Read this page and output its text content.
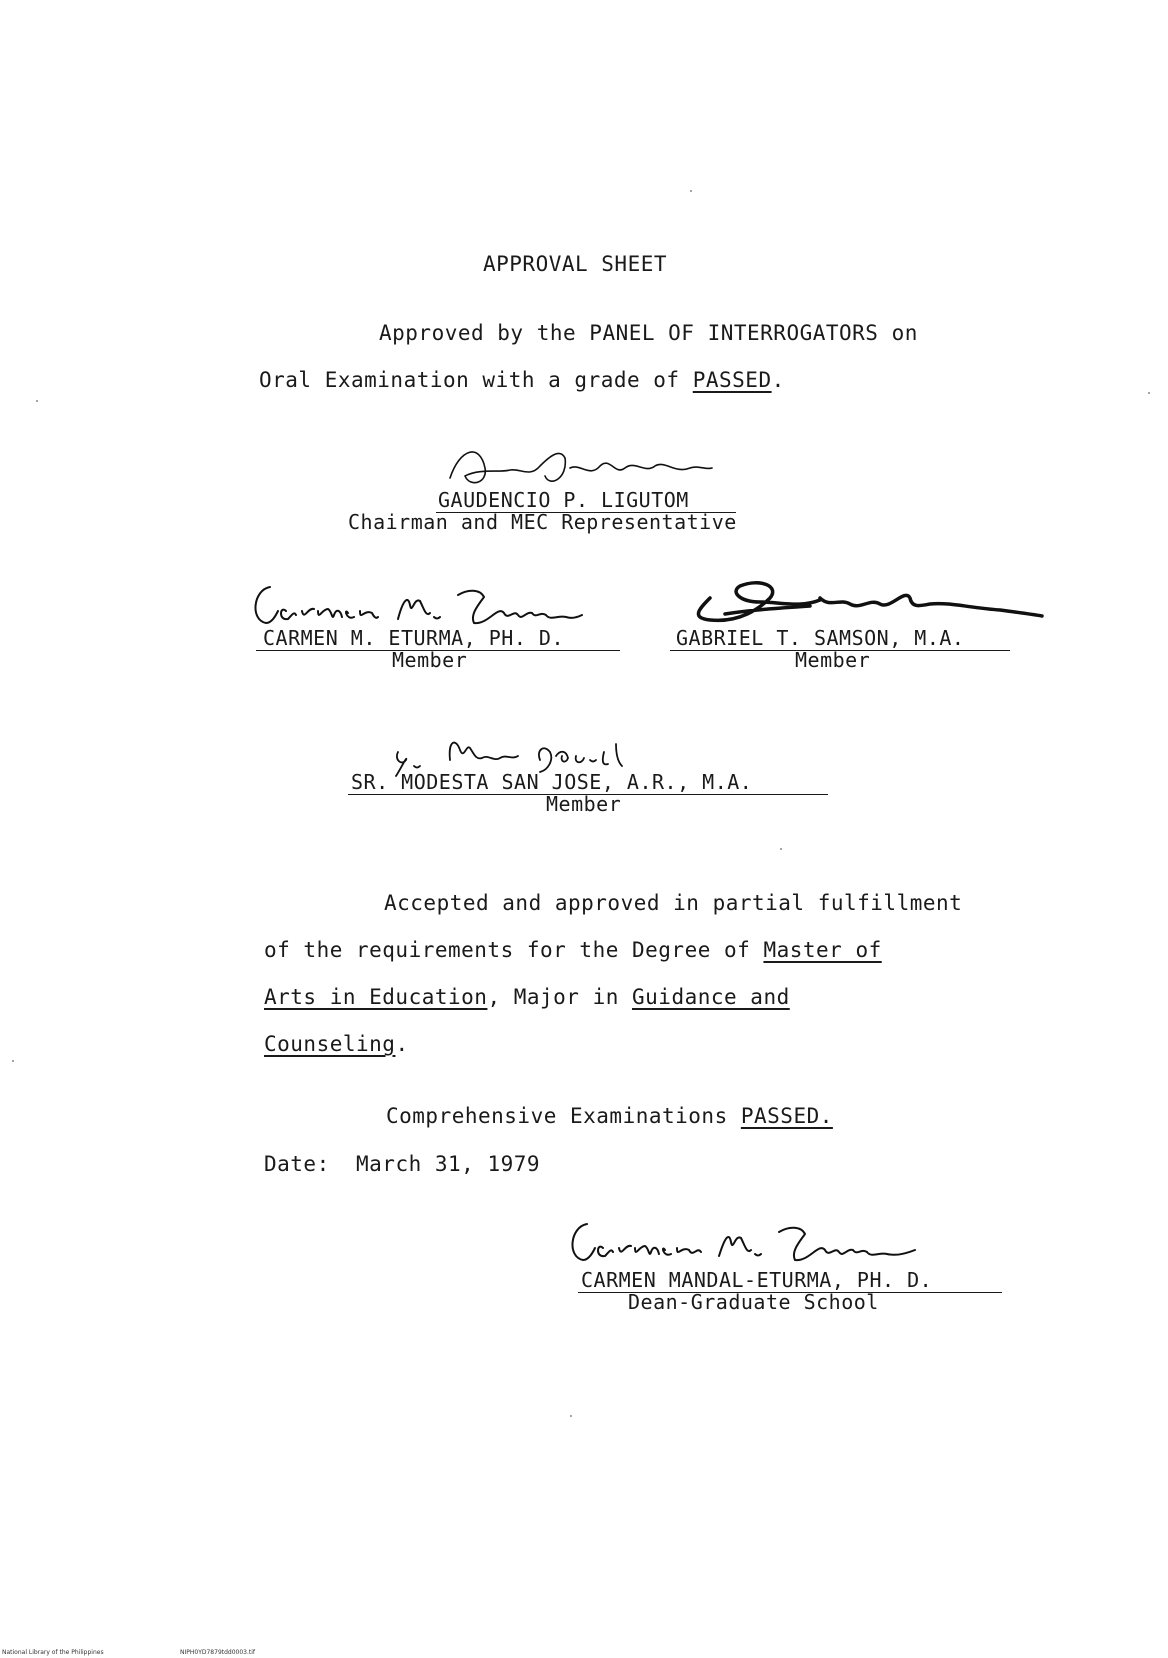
APPROVAL SHEET
Approved by the PANEL OF INTERROGATORS on
Oral Examination with a grade of PASSED.
GAUDENCIO P. LIGUTOM
Chairman and MEC Representative
CARMEN M. ETURMA, PH. D.
Member
GABRIEL T. SAMSON, M.A.
Member
SR. MODESTA SAN JOSE, A.R., M.A.
Member
Accepted and approved in partial fulfillment
of the requirements for the Degree of Master of
Arts in Education, Major in Guidance and
Counseling.
Comprehensive Examinations PASSED.
Date: March 31, 1979
CARMEN MANDAL-ETURMA, PH. D.
Dean-Graduate School
National Library of the Philippines	NIPH0YD7879tdd0003.tif
